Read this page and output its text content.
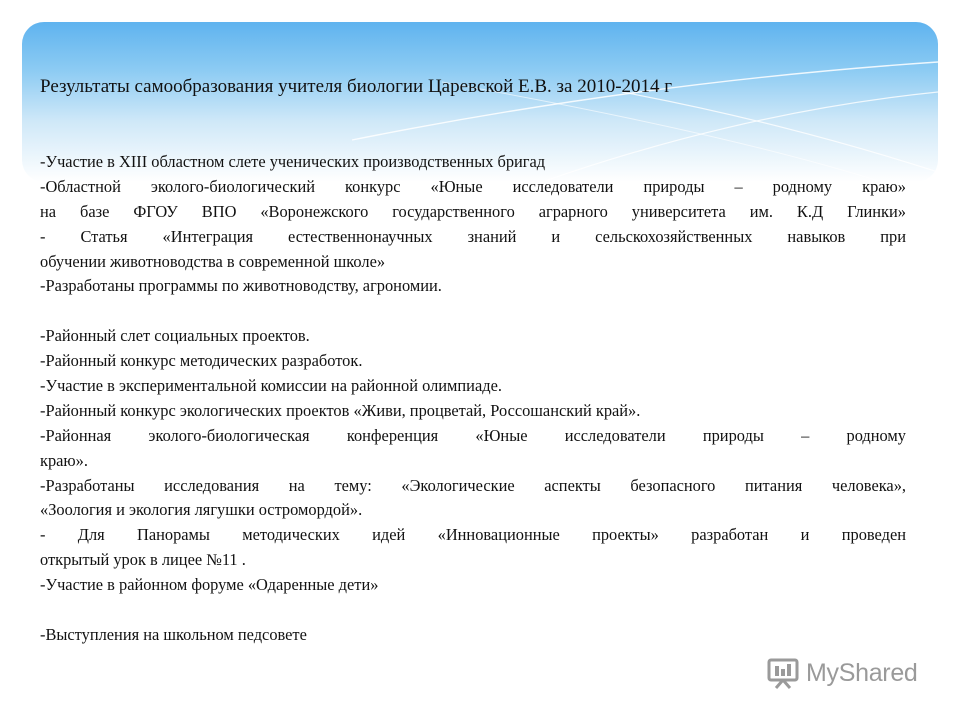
Результаты самообразования учителя биологии Царевской Е.В. за 2010-2014 г
-Участие в XIII областном слете ученических производственных бригад
-Областной эколого-биологический конкурс «Юные исследователи природы – родному краю»
на базе ФГОУ ВПО «Воронежского государственного аграрного университета им. К.Д Глинки»
- Статья «Интеграция естественнонаучных знаний и сельскохозяйственных навыков при
обучении животноводства в современной школе»
-Разработаны программы по животноводству, агрономии.
-Районный слет социальных проектов.
-Районный конкурс методических разработок.
-Участие в экспериментальной комиссии на районной олимпиаде.
-Районный конкурс экологических проектов «Живи, процветай, Россошанский край».
-Районная эколого-биологическая конференция «Юные исследователи природы – родному
краю».
-Разработаны исследования на тему: «Экологические аспекты безопасного питания человека»,
«Зоология и экология лягушки остромордой».
- Для Панорамы методических идей «Инновационные проекты» разработан и проведен
открытый урок в лицее №11 .
-Участие в районном форуме «Одаренные дети»
-Выступления на школьном педсовете
MyShared
